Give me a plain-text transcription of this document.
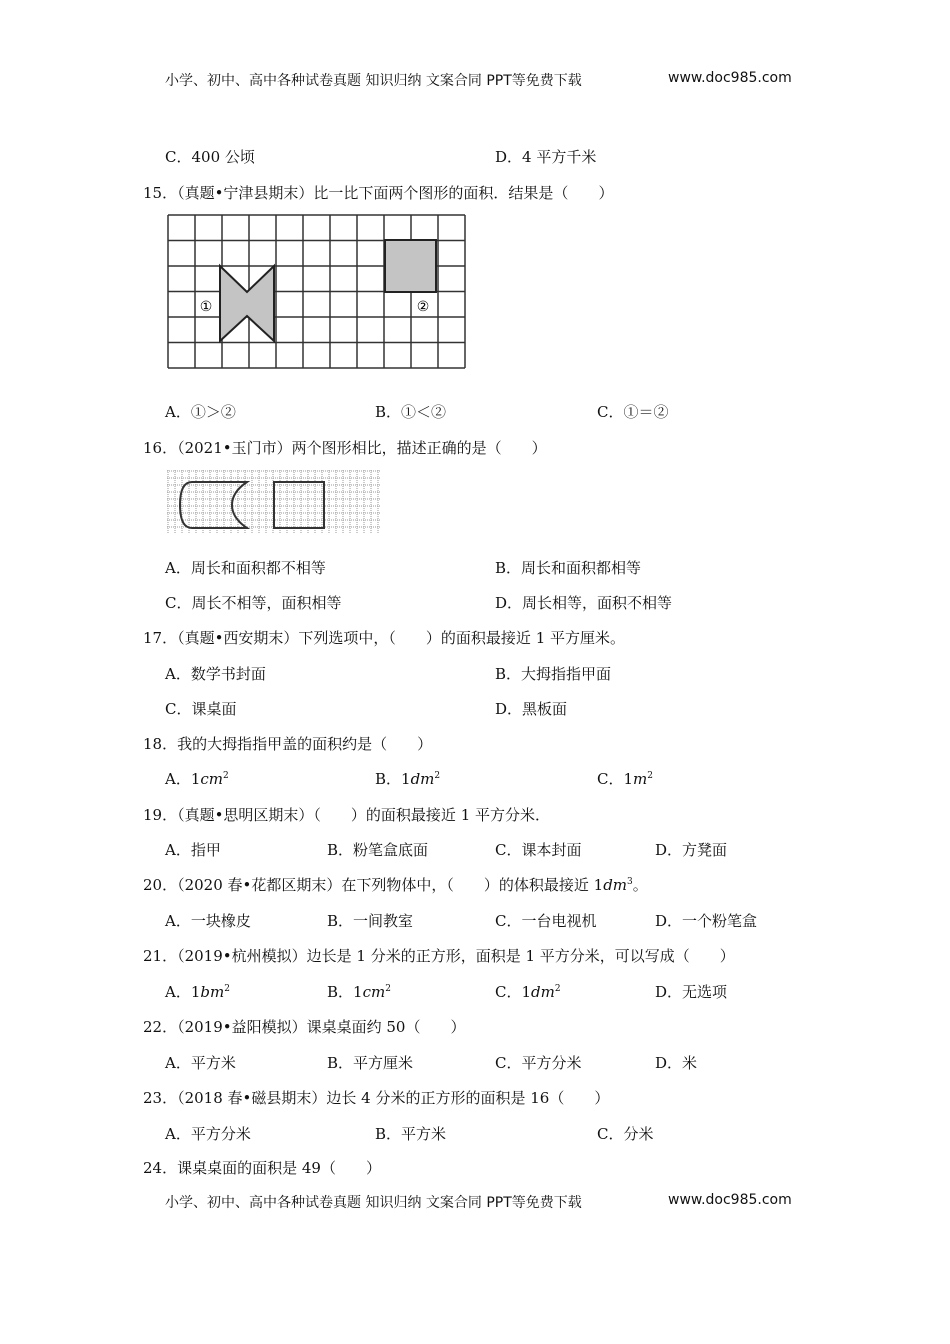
小学、初中、高中各种试卷真题 知识归纳 文案合同 PPT等免费下载	www.doc985.com
C．400 公顷	D．4 平方千米
15．（真题•宁津县期末）比一比下面两个图形的面积．结果是（　　）
①	②
A．①＞②	B．①＜②	C．①＝②
16．（2021•玉门市）两个图形相比，描述正确的是（　　）
A．周长和面积都不相等	B．周长和面积都相等
C．周长不相等，面积相等	D．周长相等，面积不相等
17．（真题•西安期末）下列选项中，（　　）的面积最接近 1 平方厘米。
A．数学书封面	B．大拇指指甲面
C．课桌面	D．黑板面
18．我的大拇指指甲盖的面积约是（　　）
A．$1cm^2$	B．$1dm^2$	C．$1m^2$
19．（真题•思明区期末）（　　）的面积最接近 1 平方分米．
A．指甲	B．粉笔盒底面	C．课本封面	D．方凳面
20．（2020 春•花都区期末）在下列物体中，（　　）的体积最接近 $1dm^3$。
A．一块橡皮	B．一间教室	C．一台电视机	D．一个粉笔盒
21．（2019•杭州模拟）边长是 1 分米的正方形，面积是 1 平方分米，可以写成（　　）
A．$1bm^2$	B．$1cm^2$	C．$1dm^2$	D．无选项
22．（2019•益阳模拟）课桌桌面约 50（　　）
A．平方米	B．平方厘米	C．平方分米	D．米
23．（2018 春•磁县期末）边长 4 分米的正方形的面积是 16（　　）
A．平方分米	B．平方米	C．分米
24．课桌桌面的面积是 49（　　）
小学、初中、高中各种试卷真题 知识归纳 文案合同 PPT等免费下载	www.doc985.com
